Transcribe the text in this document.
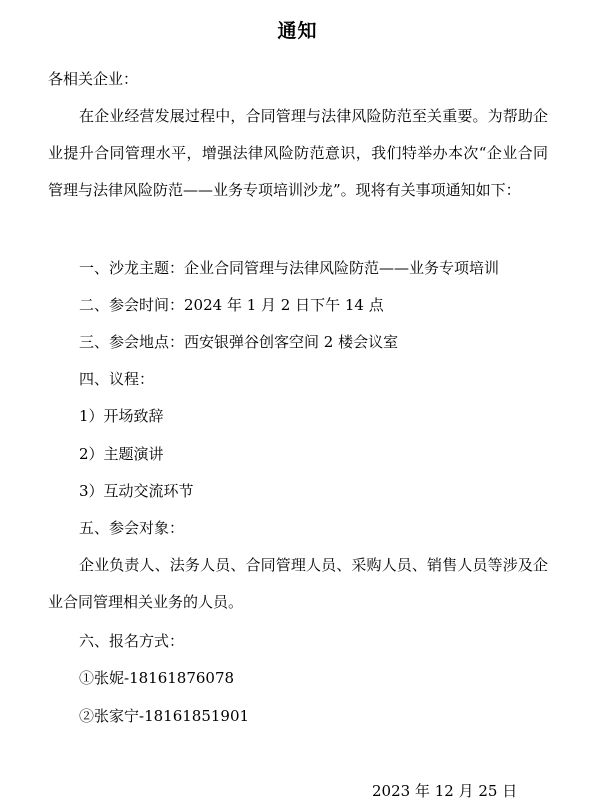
通知
各相关企业：
在企业经营发展过程中，合同管理与法律风险防范至关重要。为帮助企业提升合同管理水平，增强法律风险防范意识，我们特举办本次“企业合同管理与法律风险防范——业务专项培训沙龙”。现将有关事项通知如下：
一、沙龙主题：企业合同管理与法律风险防范——业务专项培训
二、参会时间：2024 年 1 月 2 日下午 14 点
三、参会地点：西安银弹谷创客空间 2 楼会议室
四、议程：
1）开场致辞
2）主题演讲
3）互动交流环节
五、参会对象：
企业负责人、法务人员、合同管理人员、采购人员、销售人员等涉及企业合同管理相关业务的人员。
六、报名方式：
①张妮-18161876078
②张家宁-18161851901
2023 年 12 月 25 日
